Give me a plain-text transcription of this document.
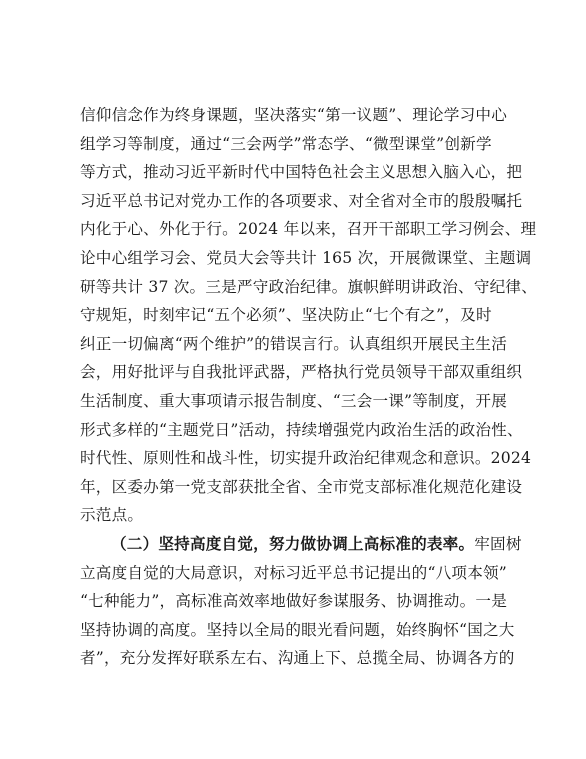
信仰信念作为终身课题，坚决落实“第一议题”、理论学习中心
组学习等制度，通过“三会两学”常态学、“微型课堂”创新学
等方式，推动习近平新时代中国特色社会主义思想入脑入心，把
习近平总书记对党办工作的各项要求、对全省对全市的殷殷嘱托
内化于心、外化于行。2024 年以来，召开干部职工学习例会、理
论中心组学习会、党员大会等共计 165 次，开展微课堂、主题调
研等共计 37 次。三是严守政治纪律。旗帜鲜明讲政治、守纪律、
守规矩，时刻牢记“五个必须”、坚决防止“七个有之”，及时
纠正一切偏离“两个维护”的错误言行。认真组织开展民主生活
会，用好批评与自我批评武器，严格执行党员领导干部双重组织
生活制度、重大事项请示报告制度、“三会一课”等制度，开展
形式多样的“主题党日”活动，持续增强党内政治生活的政治性、
时代性、原则性和战斗性，切实提升政治纪律观念和意识。2024
年，区委办第一党支部获批全省、全市党支部标准化规范化建设
示范点。
（二）坚持高度自觉，努力做协调上高标准的表率。牢固树
立高度自觉的大局意识，对标习近平总书记提出的“八项本领”
“七种能力”，高标准高效率地做好参谋服务、协调推动。一是
坚持协调的高度。坚持以全局的眼光看问题，始终胸怀“国之大
者”，充分发挥好联系左右、沟通上下、总揽全局、协调各方的
